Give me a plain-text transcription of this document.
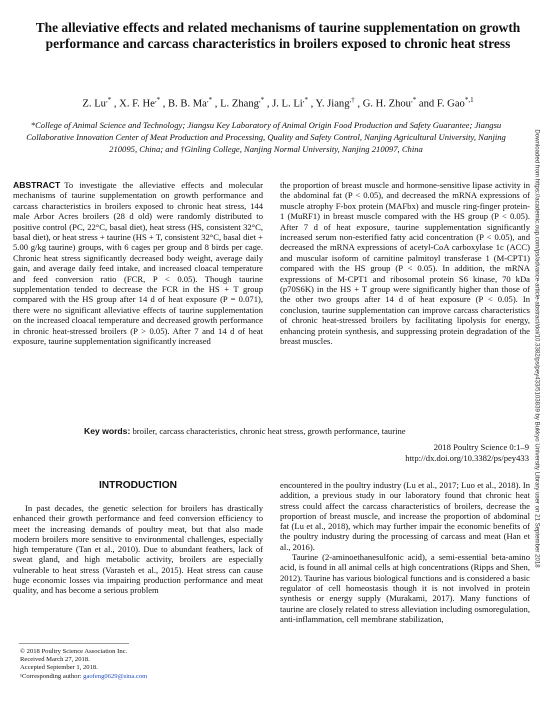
The alleviative effects and related mechanisms of taurine supplementation on growth performance and carcass characteristics in broilers exposed to chronic heat stress
Z. Lu,* , X. F. He,* , B. B. Ma,* , L. Zhang,* , J. L. Li,* , Y. Jiang,† , G. H. Zhou,* and F. Gao$^{*,1}$
*College of Animal Science and Technology; Jiangsu Key Laboratory of Animal Origin Food Production and Safety Guarantee; Jiangsu Collaborative Innovation Center of Meat Production and Processing, Quality and Safety Control, Nanjing Agricultural University, Nanjing 210095, China; and †Ginling College, Nanjing Normal University, Nanjing 210097, China

ABSTRACT To investigate the alleviative effects and molecular mechanisms of taurine supplementation on growth performance and carcass characteristics in broilers exposed to chronic heat stress, 144 male Arbor Acres broilers (28 d old) were randomly distributed to positive control (PC, 22°C, basal diet), heat stress (HS, consistent 32°C, basal diet), or heat stress + taurine (HS + T, consistent 32°C, basal diet + 5.00 g/kg taurine) groups, with 6 cages per group and 8 birds per cage. Chronic heat stress significantly decreased body weight, average daily gain, and average daily feed intake, and increased cloacal temperature and feed conversion ratio (FCR, P < 0.05). Though taurine supplementation tended to decrease the FCR in the HS + T group compared with the HS group after 14 d of heat exposure (P = 0.071), there were no significant alleviative effects of taurine supplementation on the increased cloacal temperature and decreased growth performance in chronic heat-stressed broilers (P > 0.05). After 7 and 14 d of heat exposure, taurine supplementation significantly increased

the proportion of breast muscle and hormone-sensitive lipase activity in the abdominal fat (P < 0.05), and decreased the mRNA expressions of muscle atrophy F-box protein (MAFbx) and muscle ring-finger protein-1 (MuRF1) in breast muscle compared with the HS group (P < 0.05). After 7 d of heat exposure, taurine supplementation significantly increased serum non-esterified fatty acid concentration (P < 0.05), and decreased the mRNA expressions of acetyl-CoA carboxylase 1c (ACC) and muscular isoform of carnitine palmitoyl transferase 1 (M-CPT1) compared with the HS group (P < 0.05). In addition, the mRNA expressions of M-CPT1 and ribosomal protein S6 kinase, 70 kDa (p70S6K) in the HS + T group were significantly higher than those of the other two groups after 14 d of heat exposure (P < 0.05). In conclusion, taurine supplementation can improve carcass characteristics of chronic heat-stressed broilers by facilitating lipolysis for energy, enhancing protein synthesis, and suppressing protein degradation of the breast muscles.

Key words: broiler, carcass characteristics, chronic heat stress, growth performance, taurine
2018 Poultry Science 0:1–9
http://dx.doi.org/10.3382/ps/pey433
INTRODUCTION

In past decades, the genetic selection for broilers has drastically enhanced their growth performance and feed conversion efficiency to meet the increasing demands of poultry meat, but that also made modern broilers more sensitive to environmental challenges, especially high temperature (Tan et al., 2010). Due to abundant feathers, lack of sweat gland, and high metabolic activity, broilers are especially vulnerable to heat stress (Varasteh et al., 2015). Heat stress can cause huge economic losses via impairing production performance and meat quality, and has become a serious problem

encountered in the poultry industry (Lu et al., 2017; Luo et al., 2018). In addition, a previous study in our laboratory found that chronic heat stress could affect the carcass characteristics of broilers, decrease the proportion of breast muscle, and increase the proportion of abdominal fat (Lu et al., 2018), which may further impair the economic benefits of the poultry industry during the processing of carcass and meat (Han et al., 2016).

Taurine (2-aminoethanesulfonic acid), a semi-essential beta-amino acid, is found in all animal cells at high concentrations (Ripps and Shen, 2012). Taurine has various biological functions and is considered a basic regulator of cell homeostasis though it is not involved in protein synthesis or energy supply (Murakami, 2017). Many functions of taurine are closely related to stress alleviation including osmoregulation, anti-inflammation, cell membrane stabilization,

© 2018 Poultry Science Association Inc.
Received March 27, 2018.
Accepted September 1, 2018.
¹Corresponding author: gaofeng0629@sina.com
Downloaded from https://academic.oup.com/ps/advance-article-abstract/doi/10.3382/ps/pey433/5103839 by Bukkyo University Library user on 21 September 2018
